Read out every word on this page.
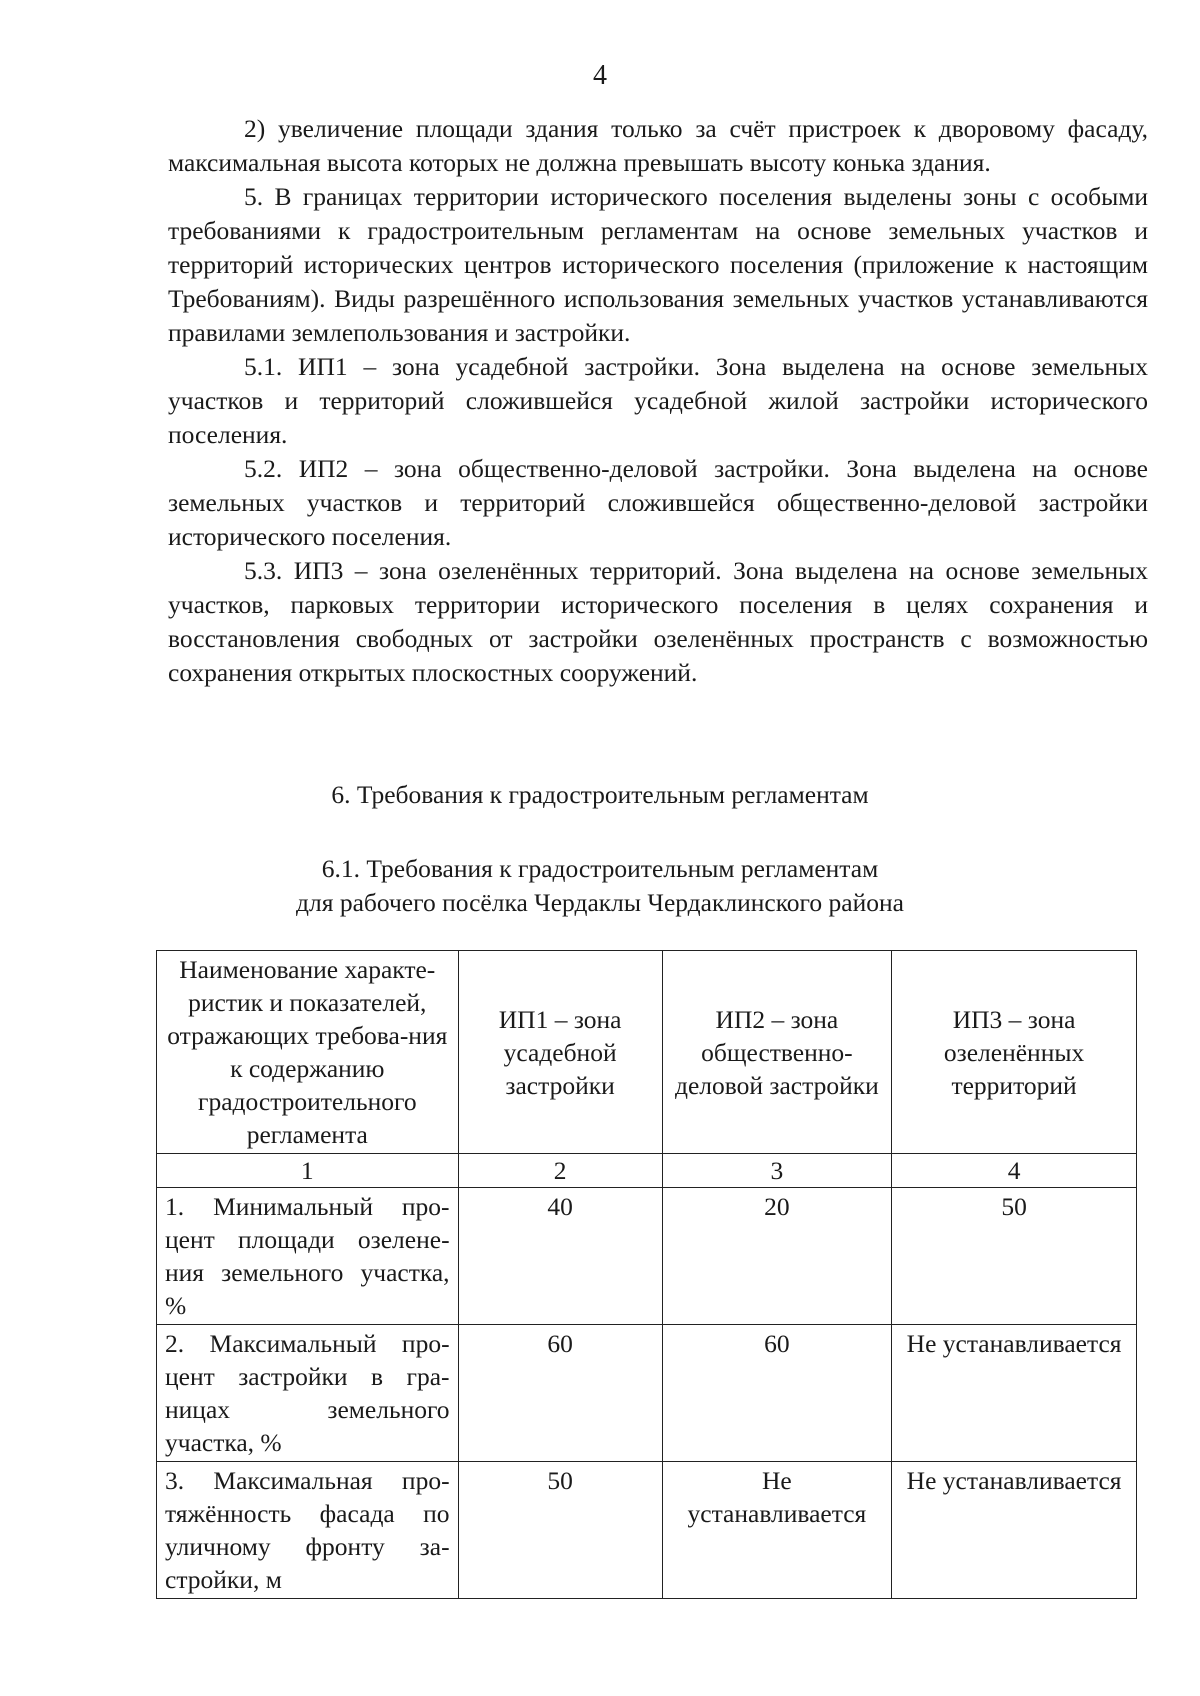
4

2) увеличение площади здания только за счёт пристроек к дворовому фасаду, максимальная высота которых не должна превышать высоту конька здания.

5. В границах территории исторического поселения выделены зоны с особыми требованиями к градостроительным регламентам на основе земельных участков и территорий исторических центров исторического поселения (приложение к настоящим Требованиям). Виды разрешённого использования земельных участков устанавливаются правилами землепользования и застройки.

5.1. ИП1 – зона усадебной застройки. Зона выделена на основе земельных участков и территорий сложившейся усадебной жилой застройки исторического поселения.

5.2. ИП2 – зона общественно-деловой застройки. Зона выделена на основе земельных участков и территорий сложившейся общественно-деловой застройки исторического поселения.

5.3. ИП3 – зона озеленённых территорий. Зона выделена на основе земельных участков, парковых территории исторического поселения в целях сохранения и восстановления свободных от застройки озеленённых пространств с возможностью сохранения открытых плоскостных сооружений.

6. Требования к градостроительным регламентам
6.1. Требования к градостроительным регламентам
для рабочего посёлка Чердаклы Чердаклинского района
Наименование характе-ристик и показателей, отражающих требова-ния к содержанию градостроительного регламента	ИП1 – зона усадебной застройки	ИП2 – зона общественно-деловой застройки	ИП3 – зона озеленённых территорий
1	2	3	4
1. Минимальный про-цент площади озелене-ния земельного участка, %	40	20	50
2. Максимальный про-цент застройки в гра-ницах земельного участка, %	60	60	Не устанавливается
3. Максимальная про-тяжённость фасада по уличному фронту за-стройки, м	50	Не устанавливается	Не устанавливается
